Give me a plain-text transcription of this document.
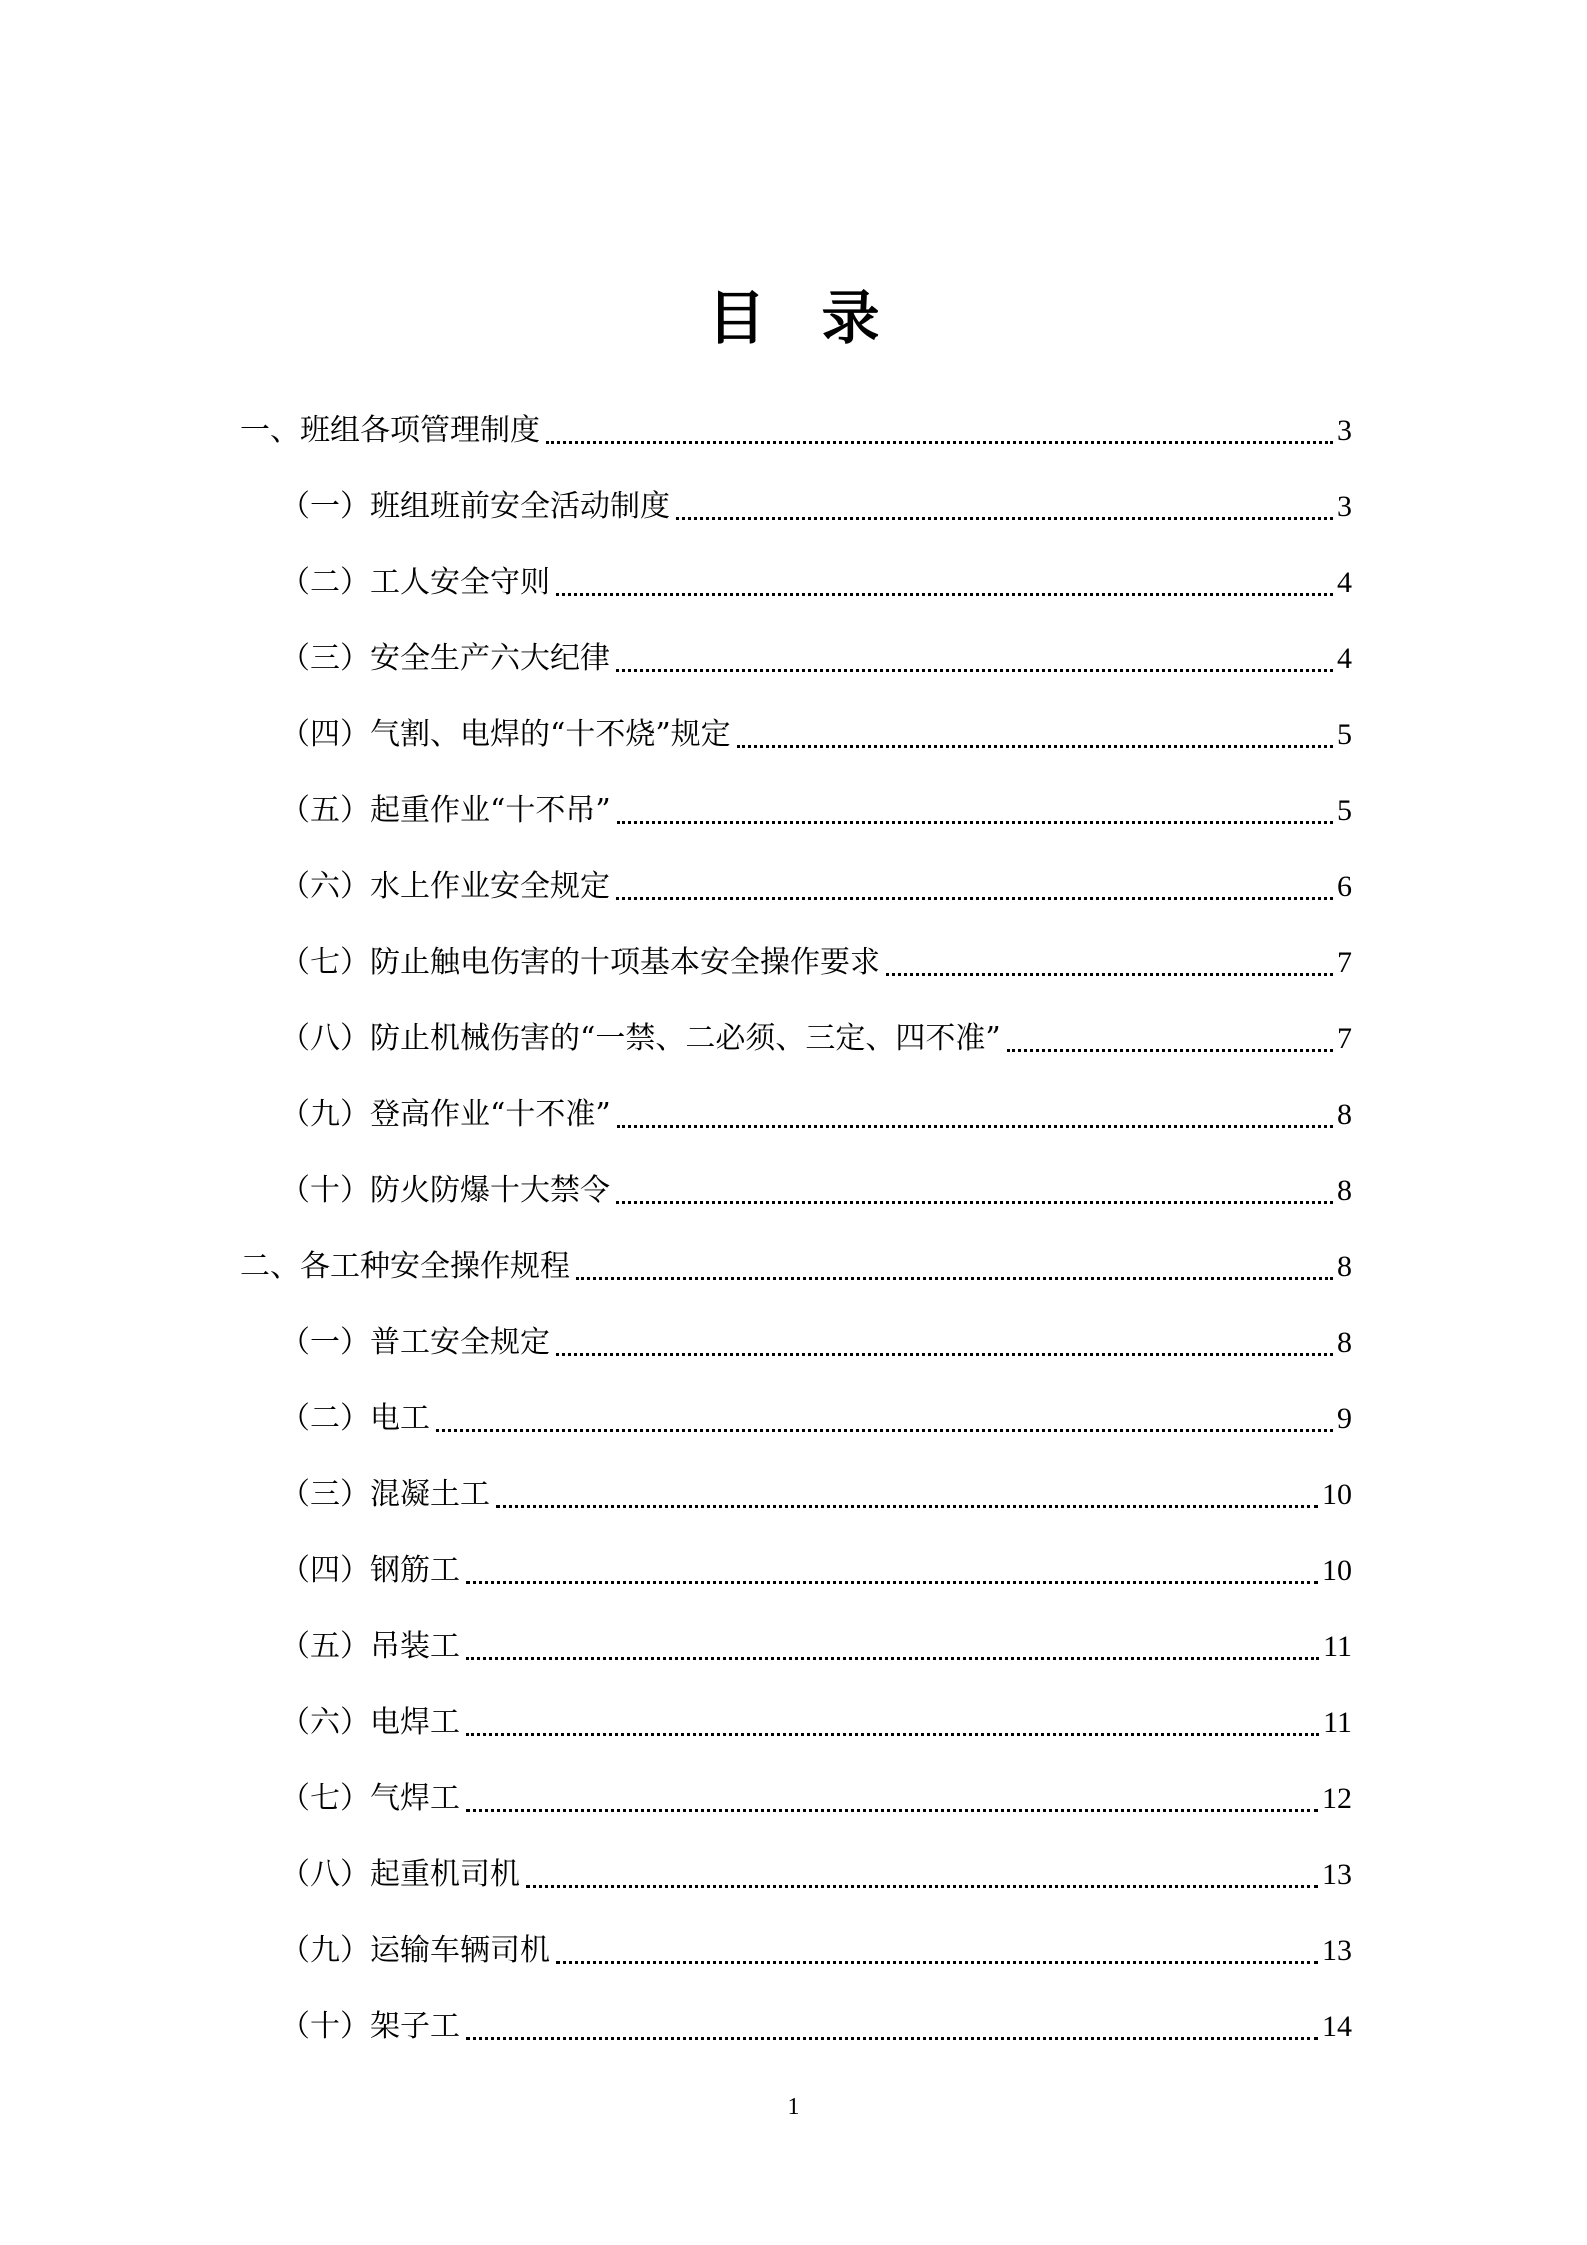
目录
一、班组各项管理制度	3
（一）班组班前安全活动制度	3
（二）工人安全守则	4
（三）安全生产六大纪律	4
（四）气割、电焊的“十不烧”规定	5
（五）起重作业“十不吊”	5
（六）水上作业安全规定	6
（七）防止触电伤害的十项基本安全操作要求	7
（八）防止机械伤害的“一禁、二必须、三定、四不准”	7
（九）登高作业“十不准”	8
（十）防火防爆十大禁令	8
二、各工种安全操作规程	8
（一）普工安全规定	8
（二）电工	9
（三）混凝土工	10
（四）钢筋工	10
（五）吊装工	11
（六）电焊工	11
（七）气焊工	12
（八）起重机司机	13
（九）运输车辆司机	13
（十）架子工	14
1
